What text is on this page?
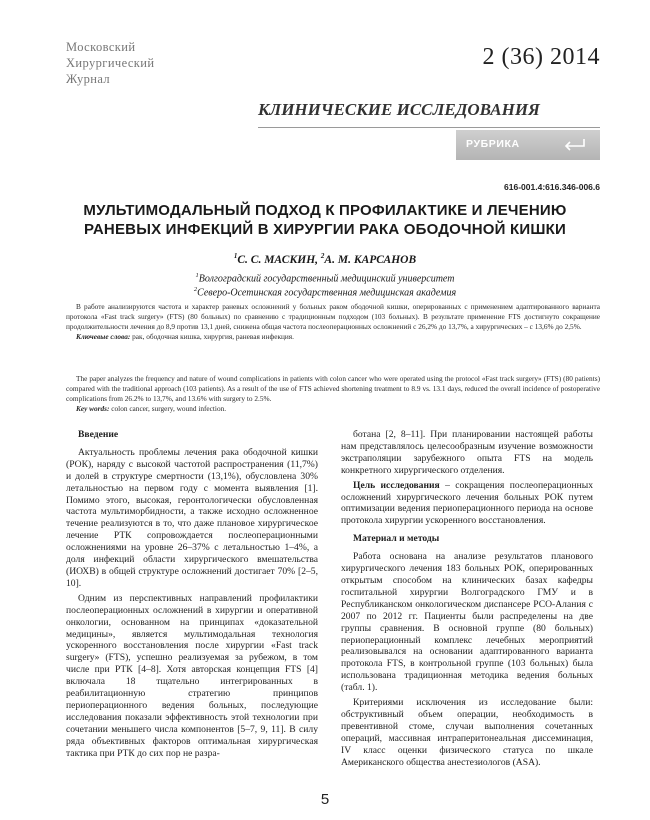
Московский
Хирургический
Журнал
2 (36) 2014
КЛИНИЧЕСКИЕ ИССЛЕДОВАНИЯ
РУБРИКА
616-001.4:616.346-006.6
МУЛЬТИМОДАЛЬНЫЙ ПОДХОД К ПРОФИЛАКТИКЕ И ЛЕЧЕНИЮ
РАНЕВЫХ ИНФЕКЦИЙ В ХИРУРГИИ РАКА ОБОДОЧНОЙ КИШКИ
$^1$С. С. МАСКИН, $^2$А. М. КАРСАНОВ
$^1$Волгоградский государственный медицинский университет
$^2$Северо-Осетинская государственная медицинская академия

В работе анализируются частота и характер раневых осложнений у больных раком ободочной кишки, оперированных с применением адаптированного варианта протокола «Fast track surgery» (FTS) (80 больных) по сравнению с традиционным подходом (103 больных). В результате применение FTS достигнуто сокращение продолжительности лечения до 8,9 против 13,1 дней, снижена общая частота послеоперационных осложнений с 26,2% до 13,7%, а хирургических – с 13,6% до 2,5%.

Ключевые слова: рак, ободочная кишка, хирургия, раневая инфекция.

The paper analyzes the frequency and nature of wound complications in patients with colon cancer who were operated using the protocol «Fast track surgery» (FTS) (80 patients) compared with the traditional approach (103 patients). As a result of the use of FTS achieved shortening treatment to 8.9 vs. 13.1 days, reduced the overall incidence of postoperative complications from 26.2% to 13,7%, and 13.6% with surgery to 2.5%.

Key words: colon cancer, surgery, wound infection.

Введение

Актуальность проблемы лечения рака ободочной кишки (РОК), наряду с высокой частотой распространения (11,7%) и долей в структуре смертности (13,1%), обусловлена 30% летальностью на первом году с момента выявления [1]. Помимо этого, высокая, геронтологически обусловленная частота мультиморбидности, а также исходно осложненное течение реализуются в то, что даже плановое хирургическое лечение РТК сопровождается послеоперационными осложнениями на уровне 26–37% с летальностью 1–4%, а доля инфекций области хирургического вмешательства (ИОХВ) в общей структуре осложнений достигает 70% [2–5, 10].

Одним из перспективных направлений профилактики послеоперационных осложнений в хирургии и оперативной онкологии, основанном на принципах «доказательной медицины», является мультимодальная технология ускоренного восстановления после хирургии «Fast track surgery» (FTS), успешно реализуемая за рубежом, в том числе при РТК [4–8]. Хотя авторская концепция FTS [4] включала 18 тщательно интегрированных в реабилитационную стратегию принципов периоперационного ведения больных, последующие исследования показали эффективность этой технологии при сочетании меньшего числа компонентов [5–7, 9, 11]. В силу ряда объективных факторов оптимальная хирургическая тактика при РТК до сих пор не разра-

ботана [2, 8–11]. При планировании настоящей работы нам представлялось целесообразным изучение возможности экстраполяции зарубежного опыта FTS на модель конкретного хирургического отделения.

Цель исследования – сокращения послеоперационных осложнений хирургического лечения больных РОК путем оптимизации ведения периоперационного периода на основе протокола хирургии ускоренного восстановления.

Материал и методы

Работа основана на анализе результатов планового хирургического лечения 183 больных РОК, оперированных открытым способом на клинических базах кафедры госпитальной хирургии Волгоградского ГМУ и в Республиканском онкологическом диспансере РСО-Алания с 2007 по 2012 гг. Пациенты были распределены на две группы сравнения. В основной группе (80 больных) периоперационный комплекс лечебных мероприятий реализовывался на основании адаптированного варианта протокола FTS, в контрольной группе (103 больных) была использована традиционная методика ведения больных (табл. 1).

Критериями исключения из исследование были: обструктивный объем операции, необходимость в превентивной стоме, случаи выполнения сочетанных операций, массивная интраперитонеальная диссеминация, IV класс оценки физического статуса по шкале Американского общества анестезиологов (ASA).

5
